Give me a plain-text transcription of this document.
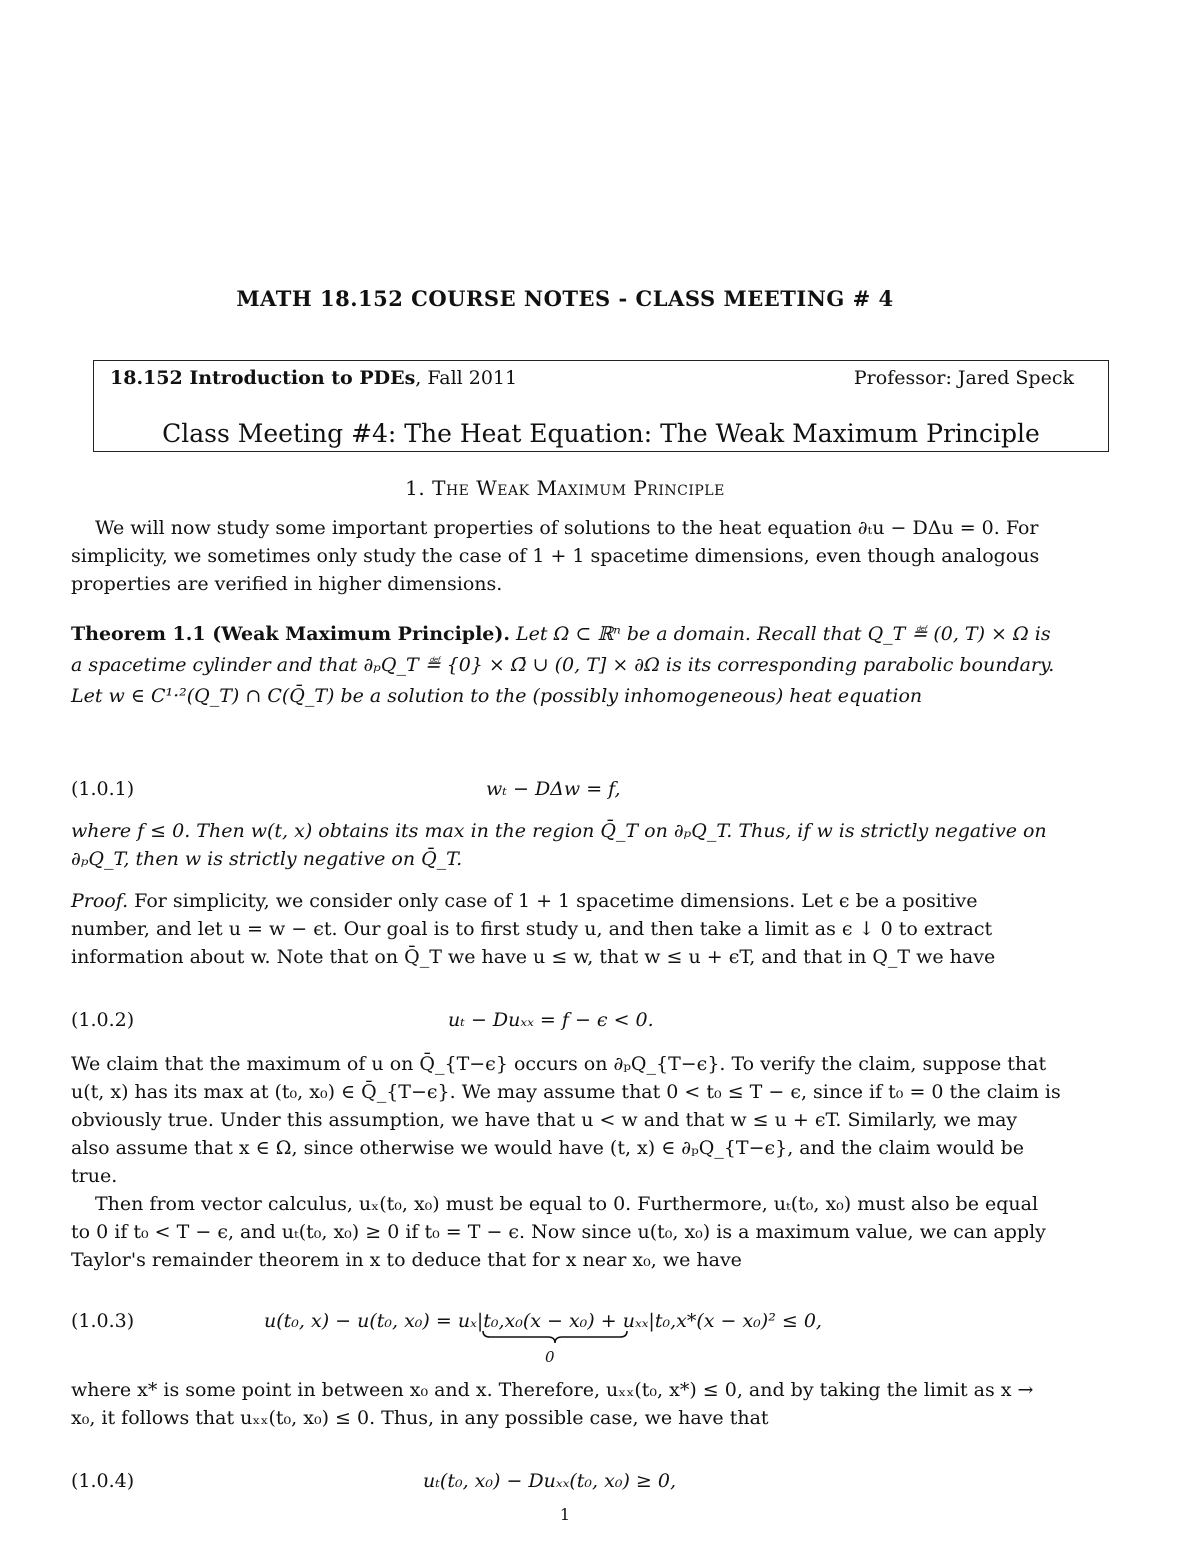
MATH 18.152 COURSE NOTES - CLASS MEETING # 4
18.152 Introduction to PDEs, Fall 2011	Professor: Jared Speck
Class Meeting #4: The Heat Equation: The Weak Maximum Principle
1. The Weak Maximum Principle
We will now study some important properties of solutions to the heat equation ∂ₜu − DΔu = 0. For simplicity, we sometimes only study the case of 1 + 1 spacetime dimensions, even though analogous properties are verified in higher dimensions.
Theorem 1.1 (Weak Maximum Principle). Let Ω ⊂ ℝⁿ be a domain. Recall that Q_T ≝ (0, T) × Ω is a spacetime cylinder and that ∂ₚQ_T ≝ {0} × Ω̄ ∪ (0, T] × ∂Ω is its corresponding parabolic boundary. Let w ∈ C¹·²(Q_T) ∩ C(Q̄_T) be a solution to the (possibly inhomogeneous) heat equation
(1.0.1)	wₜ − DΔw = f,
where f ≤ 0. Then w(t, x) obtains its max in the region Q̄_T on ∂ₚQ_T. Thus, if w is strictly negative on ∂ₚQ_T, then w is strictly negative on Q̄_T.
Proof. For simplicity, we consider only case of 1 + 1 spacetime dimensions. Let ϵ be a positive number, and let u = w − ϵt. Our goal is to first study u, and then take a limit as ϵ ↓ 0 to extract information about w. Note that on Q̄_T we have u ≤ w, that w ≤ u + ϵT, and that in Q_T we have
(1.0.2)	uₜ − Duₓₓ = f − ϵ < 0.
We claim that the maximum of u on Q̄_{T−ϵ} occurs on ∂ₚQ_{T−ϵ}. To verify the claim, suppose that u(t, x) has its max at (t₀, x₀) ∈ Q̄_{T−ϵ}. We may assume that 0 < t₀ ≤ T − ϵ, since if t₀ = 0 the claim is obviously true. Under this assumption, we have that u < w and that w ≤ u + ϵT. Similarly, we may also assume that x ∈ Ω, since otherwise we would have (t, x) ∈ ∂ₚQ_{T−ϵ}, and the claim would be true.
Then from vector calculus, uₓ(t₀, x₀) must be equal to 0. Furthermore, uₜ(t₀, x₀) must also be equal to 0 if t₀ < T − ϵ, and uₜ(t₀, x₀) ≥ 0 if t₀ = T − ϵ. Now since u(t₀, x₀) is a maximum value, we can apply Taylor's remainder theorem in x to deduce that for x near x₀, we have
(1.0.3)	u(t₀, x) − u(t₀, x₀) = uₓ|t₀,x₀(x − x₀) + uₓₓ|t₀,x*(x − x₀)² ≤ 0,
0
where x* is some point in between x₀ and x. Therefore, uₓₓ(t₀, x*) ≤ 0, and by taking the limit as x → x₀, it follows that uₓₓ(t₀, x₀) ≤ 0. Thus, in any possible case, we have that
(1.0.4)	uₜ(t₀, x₀) − Duₓₓ(t₀, x₀) ≥ 0,
1
